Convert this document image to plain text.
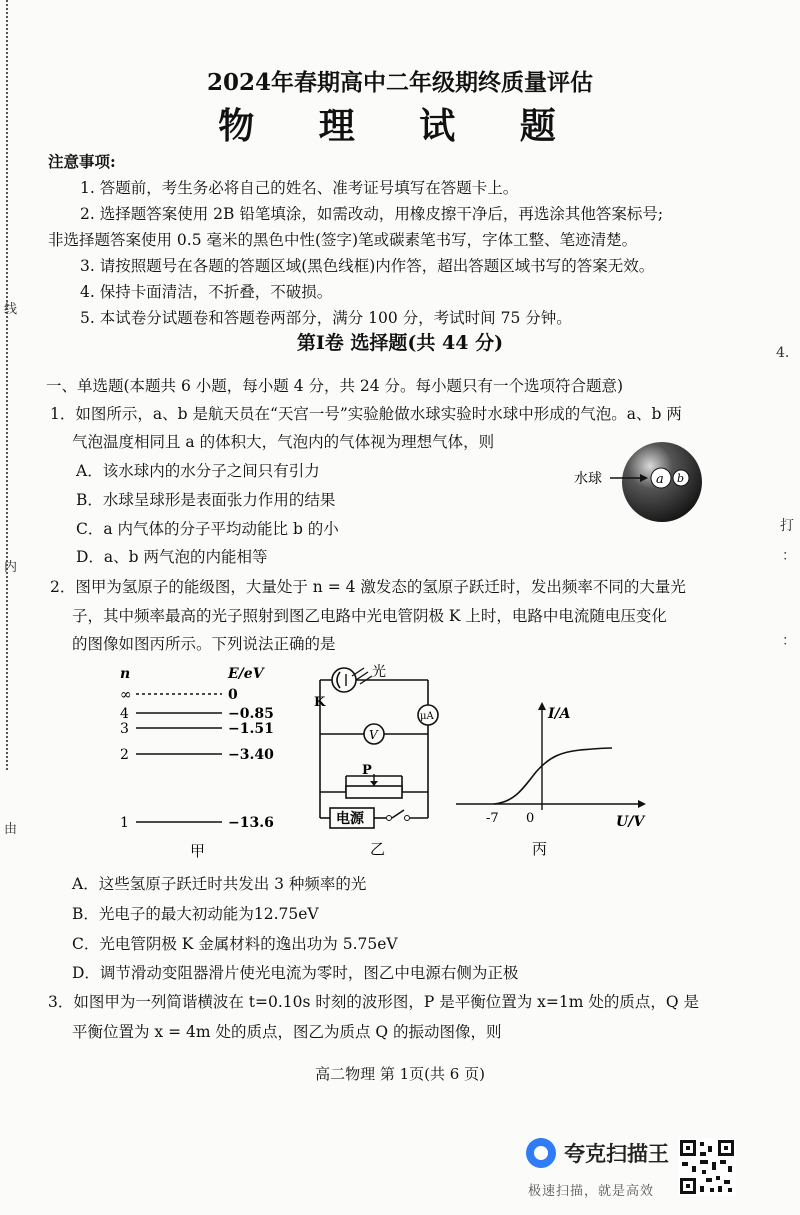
线
内
由
4.
打
：
：
2024年春期高中二年级期终质量评估
物 理 试 题
注意事项:
1. 答题前，考生务必将自己的姓名、准考证号填写在答题卡上。
2. 选择题答案使用 2B 铅笔填涂，如需改动，用橡皮擦干净后，再选涂其他答案标号;
非选择题答案使用 0.5 毫米的黑色中性(签字)笔或碳素笔书写，字体工整、笔迹清楚。
3. 请按照题号在各题的答题区域(黑色线框)内作答，超出答题区域书写的答案无效。
4. 保持卡面清洁，不折叠，不破损。
5. 本试卷分试题卷和答题卷两部分，满分 100 分，考试时间 75 分钟。
第Ⅰ卷 选择题(共 44 分)
一、单选题(本题共 6 小题，每小题 4 分，共 24 分。每小题只有一个选项符合题意)
1．如图所示，a、b 是航天员在“天宫一号”实验舱做水球实验时水球中形成的气泡。a、b 两
气泡温度相同且 a 的体积大，气泡内的气体视为理想气体，则
A．该水球内的水分子之间只有引力
B．水球呈球形是表面张力作用的结果
C．a 内气体的分子平均动能比 b 的小
D．a、b 两气泡的内能相等
水球	a b
2．图甲为氢原子的能级图，大量处于 n = 4 激发态的氢原子跃迁时，发出频率不同的大量光
子，其中频率最高的光子照射到图乙电路中光电管阴极 K 上时，电路中电流随电压变化
的图像如图丙所示。下列说法正确的是
n	E/eV
∞	0
4	−0.85
3	−1.51
2	−3.40
1	−13.6
甲
光
K
μA
V
P
电源
乙
I/A
U/V
0
-7
丙
A．这些氢原子跃迁时共发出 3 种频率的光
B．光电子的最大初动能为12.75eV
C．光电管阴极 K 金属材料的逸出功为 5.75eV
D．调节滑动变阻器滑片使光电流为零时，图乙中电源右侧为正极
3．如图甲为一列简谐横波在 t=0.10s 时刻的波形图，P 是平衡位置为 x=1m 处的质点，Q 是
平衡位置为 x = 4m 处的质点，图乙为质点 Q 的振动图像，则
高二物理 第 1页(共 6 页)
夸克扫描王
极速扫描，就是高效
